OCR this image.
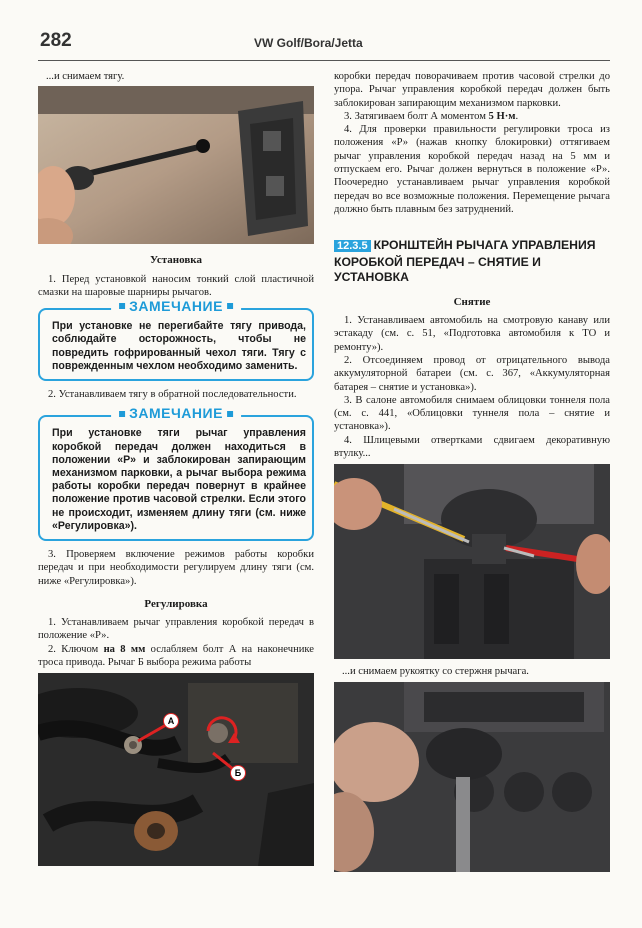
282	VW Golf/Bora/Jetta

...и снимаем тягу.

Установка

1. Перед установкой наносим тонкий слой пластичной смазки на шаровые шарниры рычагов.

ЗАМЕЧАНИЕ

При установке не перегибайте тягу привода, соблюдайте осторожность, чтобы не повредить гофрированный чехол тяги. Тягу с поврежденным чехлом необходимо заменить.

2. Устанавливаем тягу в обратной последовательности.

ЗАМЕЧАНИЕ

При установке тяги рычаг управления коробкой передач должен находиться в положении «Р» и заблокирован запирающим механизмом парковки, а рычаг выбора режима работы коробки передач повернут в крайнее положение против часовой стрелки. Если этого не происходит, изменяем длину тяги (см. ниже «Регулировка»).

3. Проверяем включение режимов работы коробки передач и при необходимости регулируем длину тяги (см. ниже «Регулировка»).

Регулировка

1. Устанавливаем рычаг управления коробкой передач в положение «Р».

2. Ключом на 8 мм ослабляем болт А на наконечнике троса привода. Рычаг Б выбора режима работы

А
Б

коробки передач поворачиваем против часовой стрелки до упора. Рычаг управления коробкой передач должен быть заблокирован запирающим механизмом парковки.

3. Затягиваем болт А моментом 5 Н·м.

4. Для проверки правильности регулировки троса из положения «Р» (нажав кнопку блокировки) оттягиваем рычаг управления коробкой передач назад на 5 мм и отпускаем его. Рычаг должен вернуться в положение «Р». Поочередно устанавливаем рычаг управления коробкой передач во все возможные положения. Перемещение рычага должно быть плавным без затруднений.

12.3.5 КРОНШТЕЙН РЫЧАГА УПРАВЛЕНИЯ КОРОБКОЙ ПЕРЕДАЧ – СНЯТИЕ И УСТАНОВКА
Снятие

1. Устанавливаем автомобиль на смотровую канаву или эстакаду (см. с. 51, «Подготовка автомобиля к ТО и ремонту»).

2. Отсоединяем провод от отрицательного вывода аккумуляторной батареи (см. с. 367, «Аккумуляторная батарея – снятие и установка»).

3. В салоне автомобиля снимаем облицовки тоннеля пола (см. с. 441, «Облицовки туннеля пола – снятие и установка»).

4. Шлицевыми отвертками сдвигаем декоративную втулку...

...и снимаем рукоятку со стержня рычага.
